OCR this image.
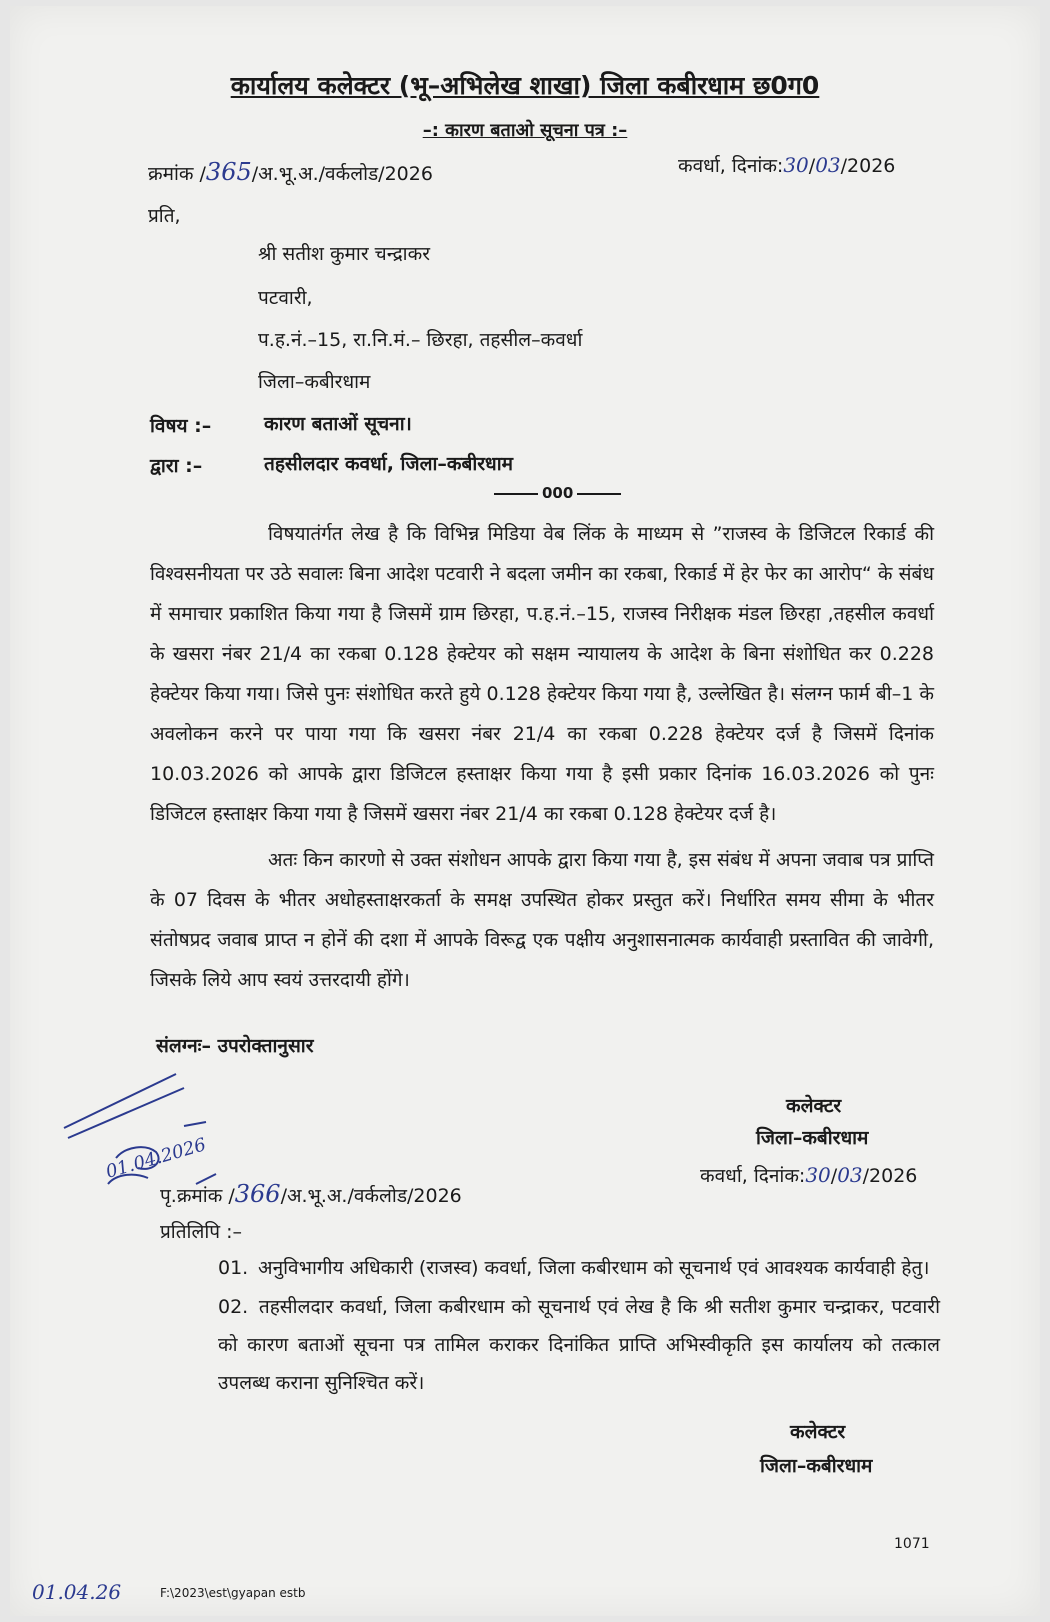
कार्यालय कलेक्टर (भू–अभिलेख शाखा) जिला कबीरधाम छ0ग0
–: कारण बताओ सूचना पत्र :–
क्रमांक /365/अ.भू.अ./वर्कलोड/2026	कवर्धा, दिनांक:30/03/2026
प्रति,
श्री सतीश कुमार चन्द्राकर
पटवारी,
प.ह.नं.–15, रा.नि.मं.– छिरहा, तहसील–कवर्धा
जिला–कबीरधाम
विषय :–	कारण बताओं सूचना।
द्वारा :–	तहसीलदार कवर्धा, जिला–कबीरधाम
000

विषयातंर्गत लेख है कि विभिन्न मिडिया वेब लिंक के माध्यम से ”राजस्व के डिजिटल रिकार्ड की विश्वसनीयता पर उठे सवालः बिना आदेश पटवारी ने बदला जमीन का रकबा, रिकार्ड में हेर फेर का आरोप“ के संबंध में समाचार प्रकाशित किया गया है जिसमें ग्राम छिरहा, प.ह.नं.–15, राजस्व निरीक्षक मंडल छिरहा ,तहसील कवर्धा के खसरा नंबर 21/4 का रकबा 0.128 हेक्टेयर को सक्षम न्यायालय के आदेश के बिना संशोधित कर 0.228 हेक्टेयर किया गया। जिसे पुनः संशोधित करते हुये 0.128 हेक्टेयर किया गया है, उल्लेखित है। संलग्न फार्म बी–1 के अवलोकन करने पर पाया गया कि खसरा नंबर 21/4 का रकबा 0.228 हेक्टेयर दर्ज है जिसमें दिनांक 10.03.2026 को आपके द्वारा डिजिटल हस्ताक्षर किया गया है इसी प्रकार दिनांक 16.03.2026 को पुनः डिजिटल हस्ताक्षर किया गया है जिसमें खसरा नंबर 21/4 का रकबा 0.128 हेक्टेयर दर्ज है।

अतः किन कारणो से उक्त संशोधन आपके द्वारा किया गया है, इस संबंध में अपना जवाब पत्र प्राप्ति के 07 दिवस के भीतर अधोहस्ताक्षरकर्ता के समक्ष उपस्थित होकर प्रस्तुत करें। निर्धारित समय सीमा के भीतर संतोषप्रद जवाब प्राप्त न होनें की दशा में आपके विरूद्व एक पक्षीय अनुशासनात्मक कार्यवाही प्रस्तावित की जावेगी, जिसके लिये आप स्वयं उत्तरदायी होंगे।

संलग्नः– उपरोक्तानुसार
01.04.2026
कलेक्टर
जिला–कबीरधाम
कवर्धा, दिनांक:30/03/2026
पृ.क्रमांक /366/अ.भू.अ./वर्कलोड/2026
प्रतिलिपि :–
01. अनुविभागीय अधिकारी (राजस्व) कवर्धा, जिला कबीरधाम को सूचनार्थ एवं आवश्यक कार्यवाही हेतु।
02. तहसीलदार कवर्धा, जिला कबीरधाम को सूचनार्थ एवं लेख है कि श्री सतीश कुमार चन्द्राकर, पटवारी को कारण बताओं सूचना पत्र तामिल कराकर दिनांकित प्राप्ति अभिस्वीकृति इस कार्यालय को तत्काल उपलब्ध कराना सुनिश्चित करें।
कलेक्टर
जिला–कबीरधाम
1071
01.04.26	F:\2023\est\gyapan estb
